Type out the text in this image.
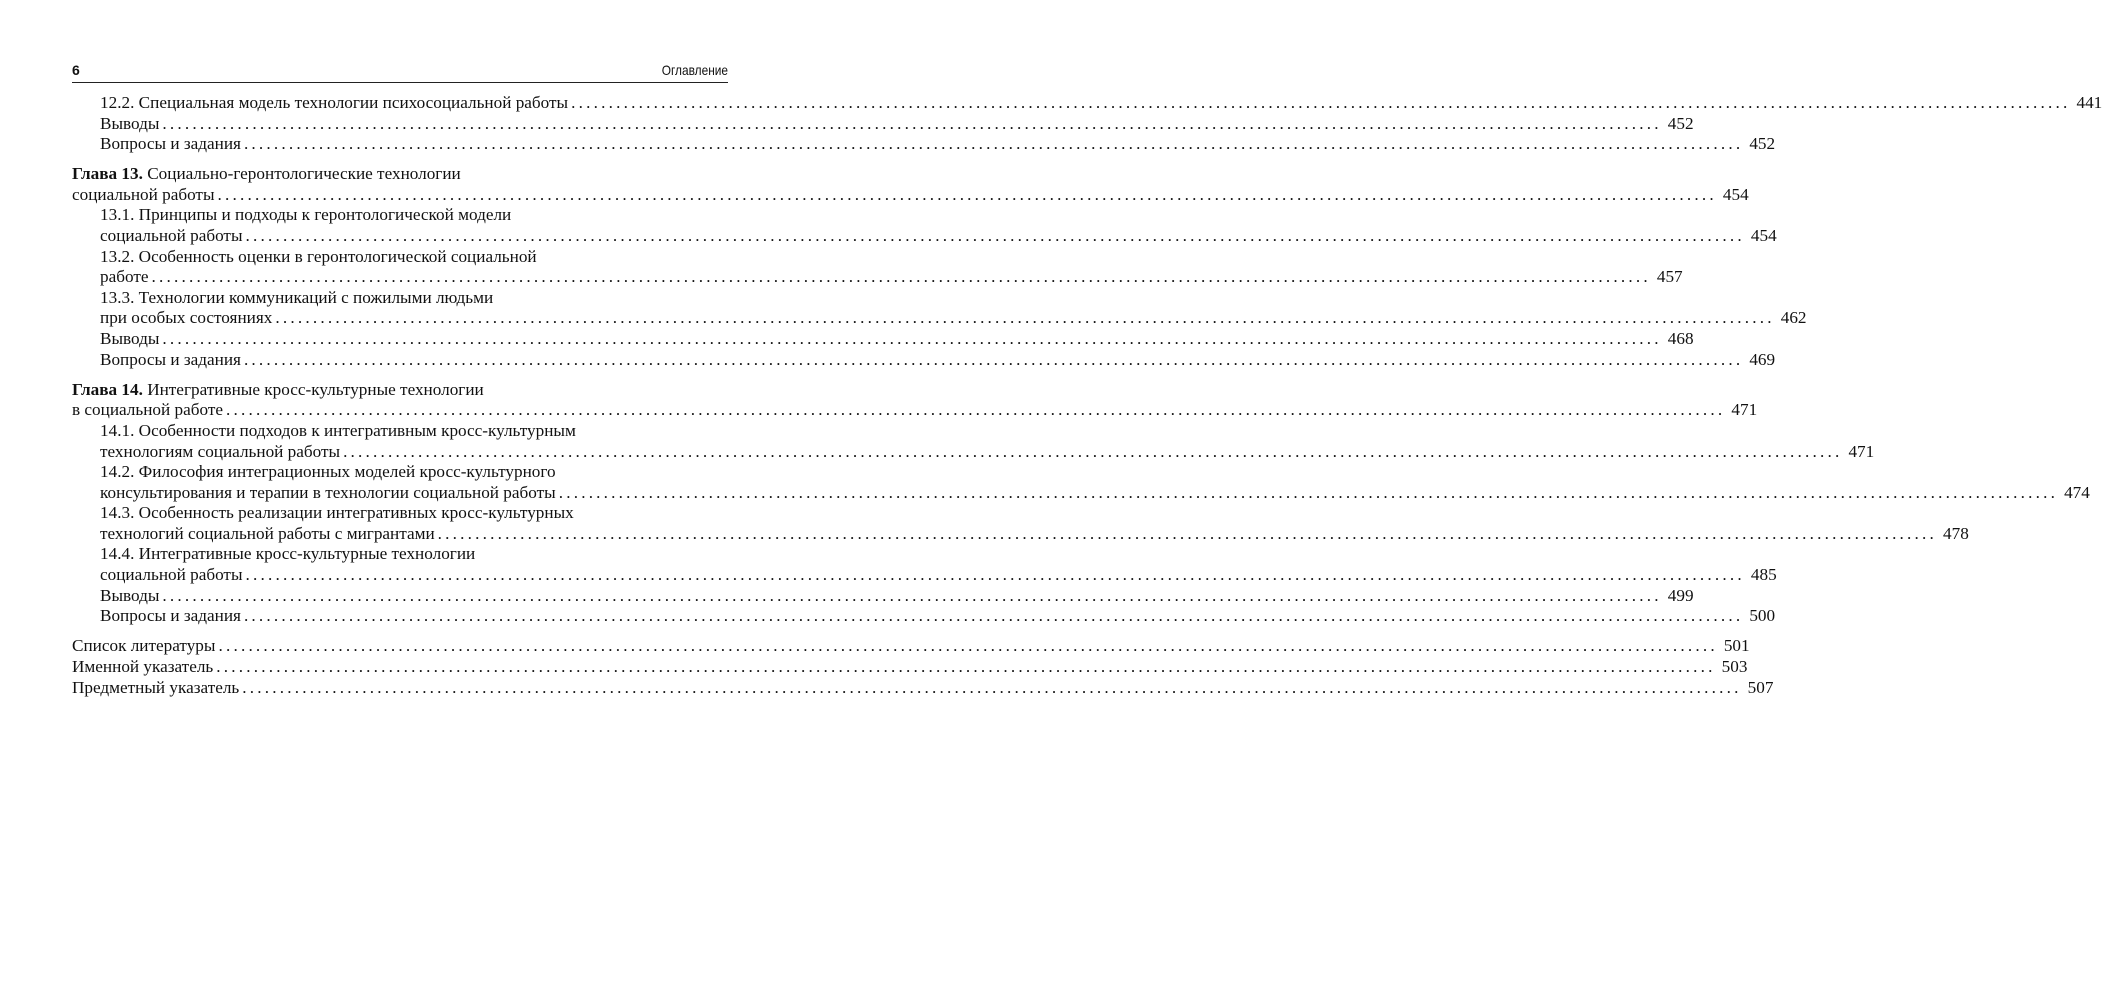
6	Оглавление
12.2. Специальная модель технологии психосоциальной работы ........................................................................................................................................................................................................ 441
Выводы ........................................................................................................................................................................................................ 452
Вопросы и задания ........................................................................................................................................................................................................ 452
Глава 13. Социально-геронтологические технологии
социальной работы ........................................................................................................................................................................................................ 454
13.1. Принципы и подходы к геронтологической модели
социальной работы ........................................................................................................................................................................................................ 454
13.2. Особенность оценки в геронтологической социальной
работе ........................................................................................................................................................................................................ 457
13.3. Технологии коммуникаций с пожилыми людьми
при особых состояниях ........................................................................................................................................................................................................ 462
Выводы ........................................................................................................................................................................................................ 468
Вопросы и задания ........................................................................................................................................................................................................ 469
Глава 14. Интегративные кросс-культурные технологии
в социальной работе ........................................................................................................................................................................................................ 471
14.1. Особенности подходов к интегративным кросс-культурным
технологиям социальной работы ........................................................................................................................................................................................................ 471
14.2. Философия интеграционных моделей кросс-культурного
консультирования и терапии в технологии социальной работы ........................................................................................................................................................................................................ 474
14.3. Особенность реализации интегративных кросс-культурных
технологий социальной работы с мигрантами ........................................................................................................................................................................................................ 478
14.4. Интегративные кросс-культурные технологии
социальной работы ........................................................................................................................................................................................................ 485
Выводы ........................................................................................................................................................................................................ 499
Вопросы и задания ........................................................................................................................................................................................................ 500
Список литературы ........................................................................................................................................................................................................ 501
Именной указатель ........................................................................................................................................................................................................ 503
Предметный указатель ........................................................................................................................................................................................................ 507
